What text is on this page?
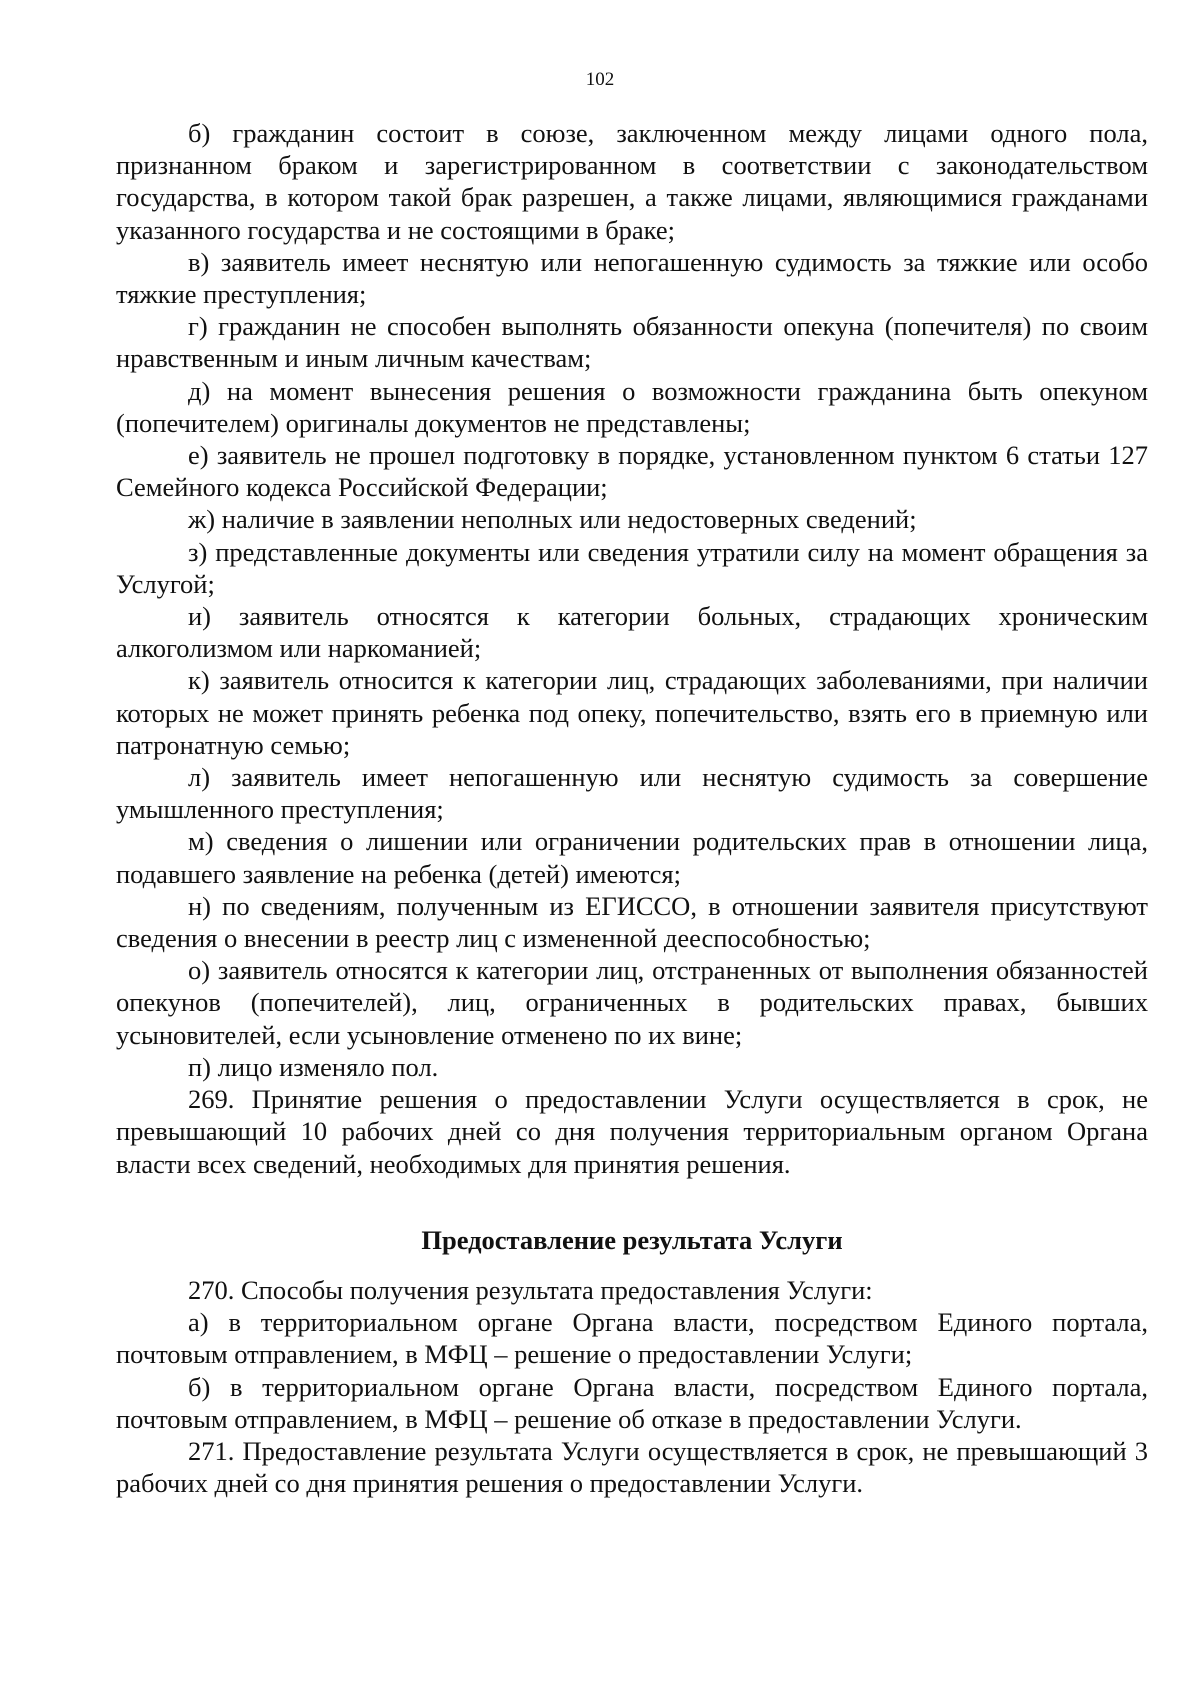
102

б) гражданин состоит в союзе, заключенном между лицами одного пола, признанном браком и зарегистрированном в соответствии с законодательством государства, в котором такой брак разрешен, а также лицами, являющимися гражданами указанного государства и не состоящими в браке;

в) заявитель имеет неснятую или непогашенную судимость за тяжкие или особо тяжкие преступления;

г) гражданин не способен выполнять обязанности опекуна (попечителя) по своим нравственным и иным личным качествам;

д) на момент вынесения решения о возможности гражданина быть опекуном (попечителем) оригиналы документов не представлены;

е) заявитель не прошел подготовку в порядке, установленном пунктом 6 статьи 127 Семейного кодекса Российской Федерации;

ж) наличие в заявлении неполных или недостоверных сведений;

з) представленные документы или сведения утратили силу на момент обращения за Услугой;

и) заявитель относятся к категории больных, страдающих хроническим алкоголизмом или наркоманией;

к) заявитель относится к категории лиц, страдающих заболеваниями, при наличии которых не может принять ребенка под опеку, попечительство, взять его в приемную или патронатную семью;

л) заявитель имеет непогашенную или неснятую судимость за совершение умышленного преступления;

м) сведения о лишении или ограничении родительских прав в отношении лица, подавшего заявление на ребенка (детей) имеются;

н) по сведениям, полученным из ЕГИССО, в отношении заявителя присутствуют сведения о внесении в реестр лиц с измененной дееспособностью;

о) заявитель относятся к категории лиц, отстраненных от выполнения обязанностей опекунов (попечителей), лиц, ограниченных в родительских правах, бывших усыновителей, если усыновление отменено по их вине;

п) лицо изменяло пол.

269. Принятие решения о предоставлении Услуги осуществляется в срок, не превышающий 10 рабочих дней со дня получения территориальным органом Органа власти всех сведений, необходимых для принятия решения.

Предоставление результата Услуги

270. Способы получения результата предоставления Услуги:

а) в территориальном органе Органа власти, посредством Единого портала, почтовым отправлением, в МФЦ – решение о предоставлении Услуги;

б) в территориальном органе Органа власти, посредством Единого портала, почтовым отправлением, в МФЦ – решение об отказе в предоставлении Услуги.

271. Предоставление результата Услуги осуществляется в срок, не превышающий 3 рабочих дней со дня принятия решения о предоставлении Услуги.
